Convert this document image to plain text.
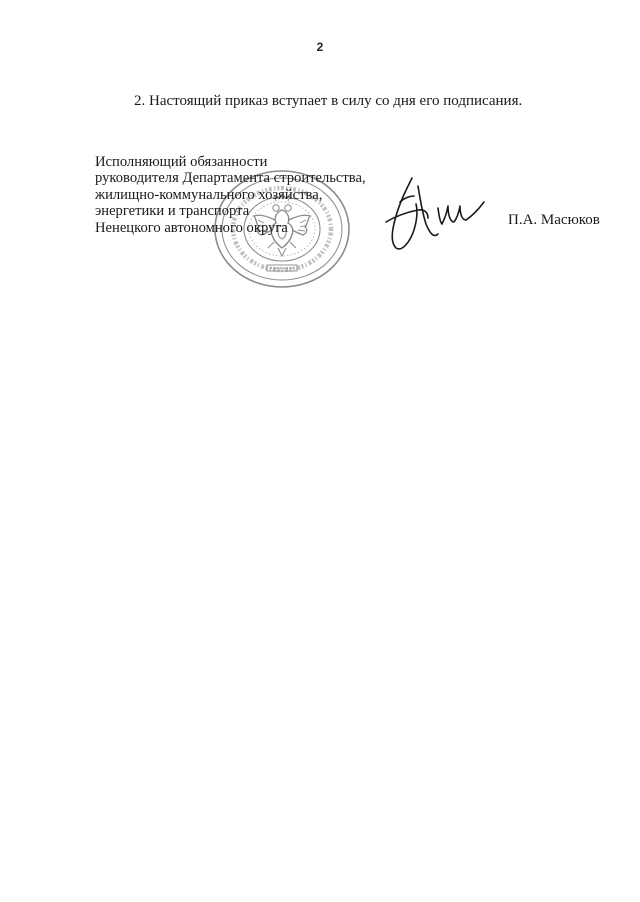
2
2. Настоящий приказ вступает в силу со дня его подписания.
Исполняющий обязанности
руководителя Департамента строительства,
жилищно-коммунального хозяйства,
энергетики и транспорта
Ненецкого автономного округа	П.А. Масюков
